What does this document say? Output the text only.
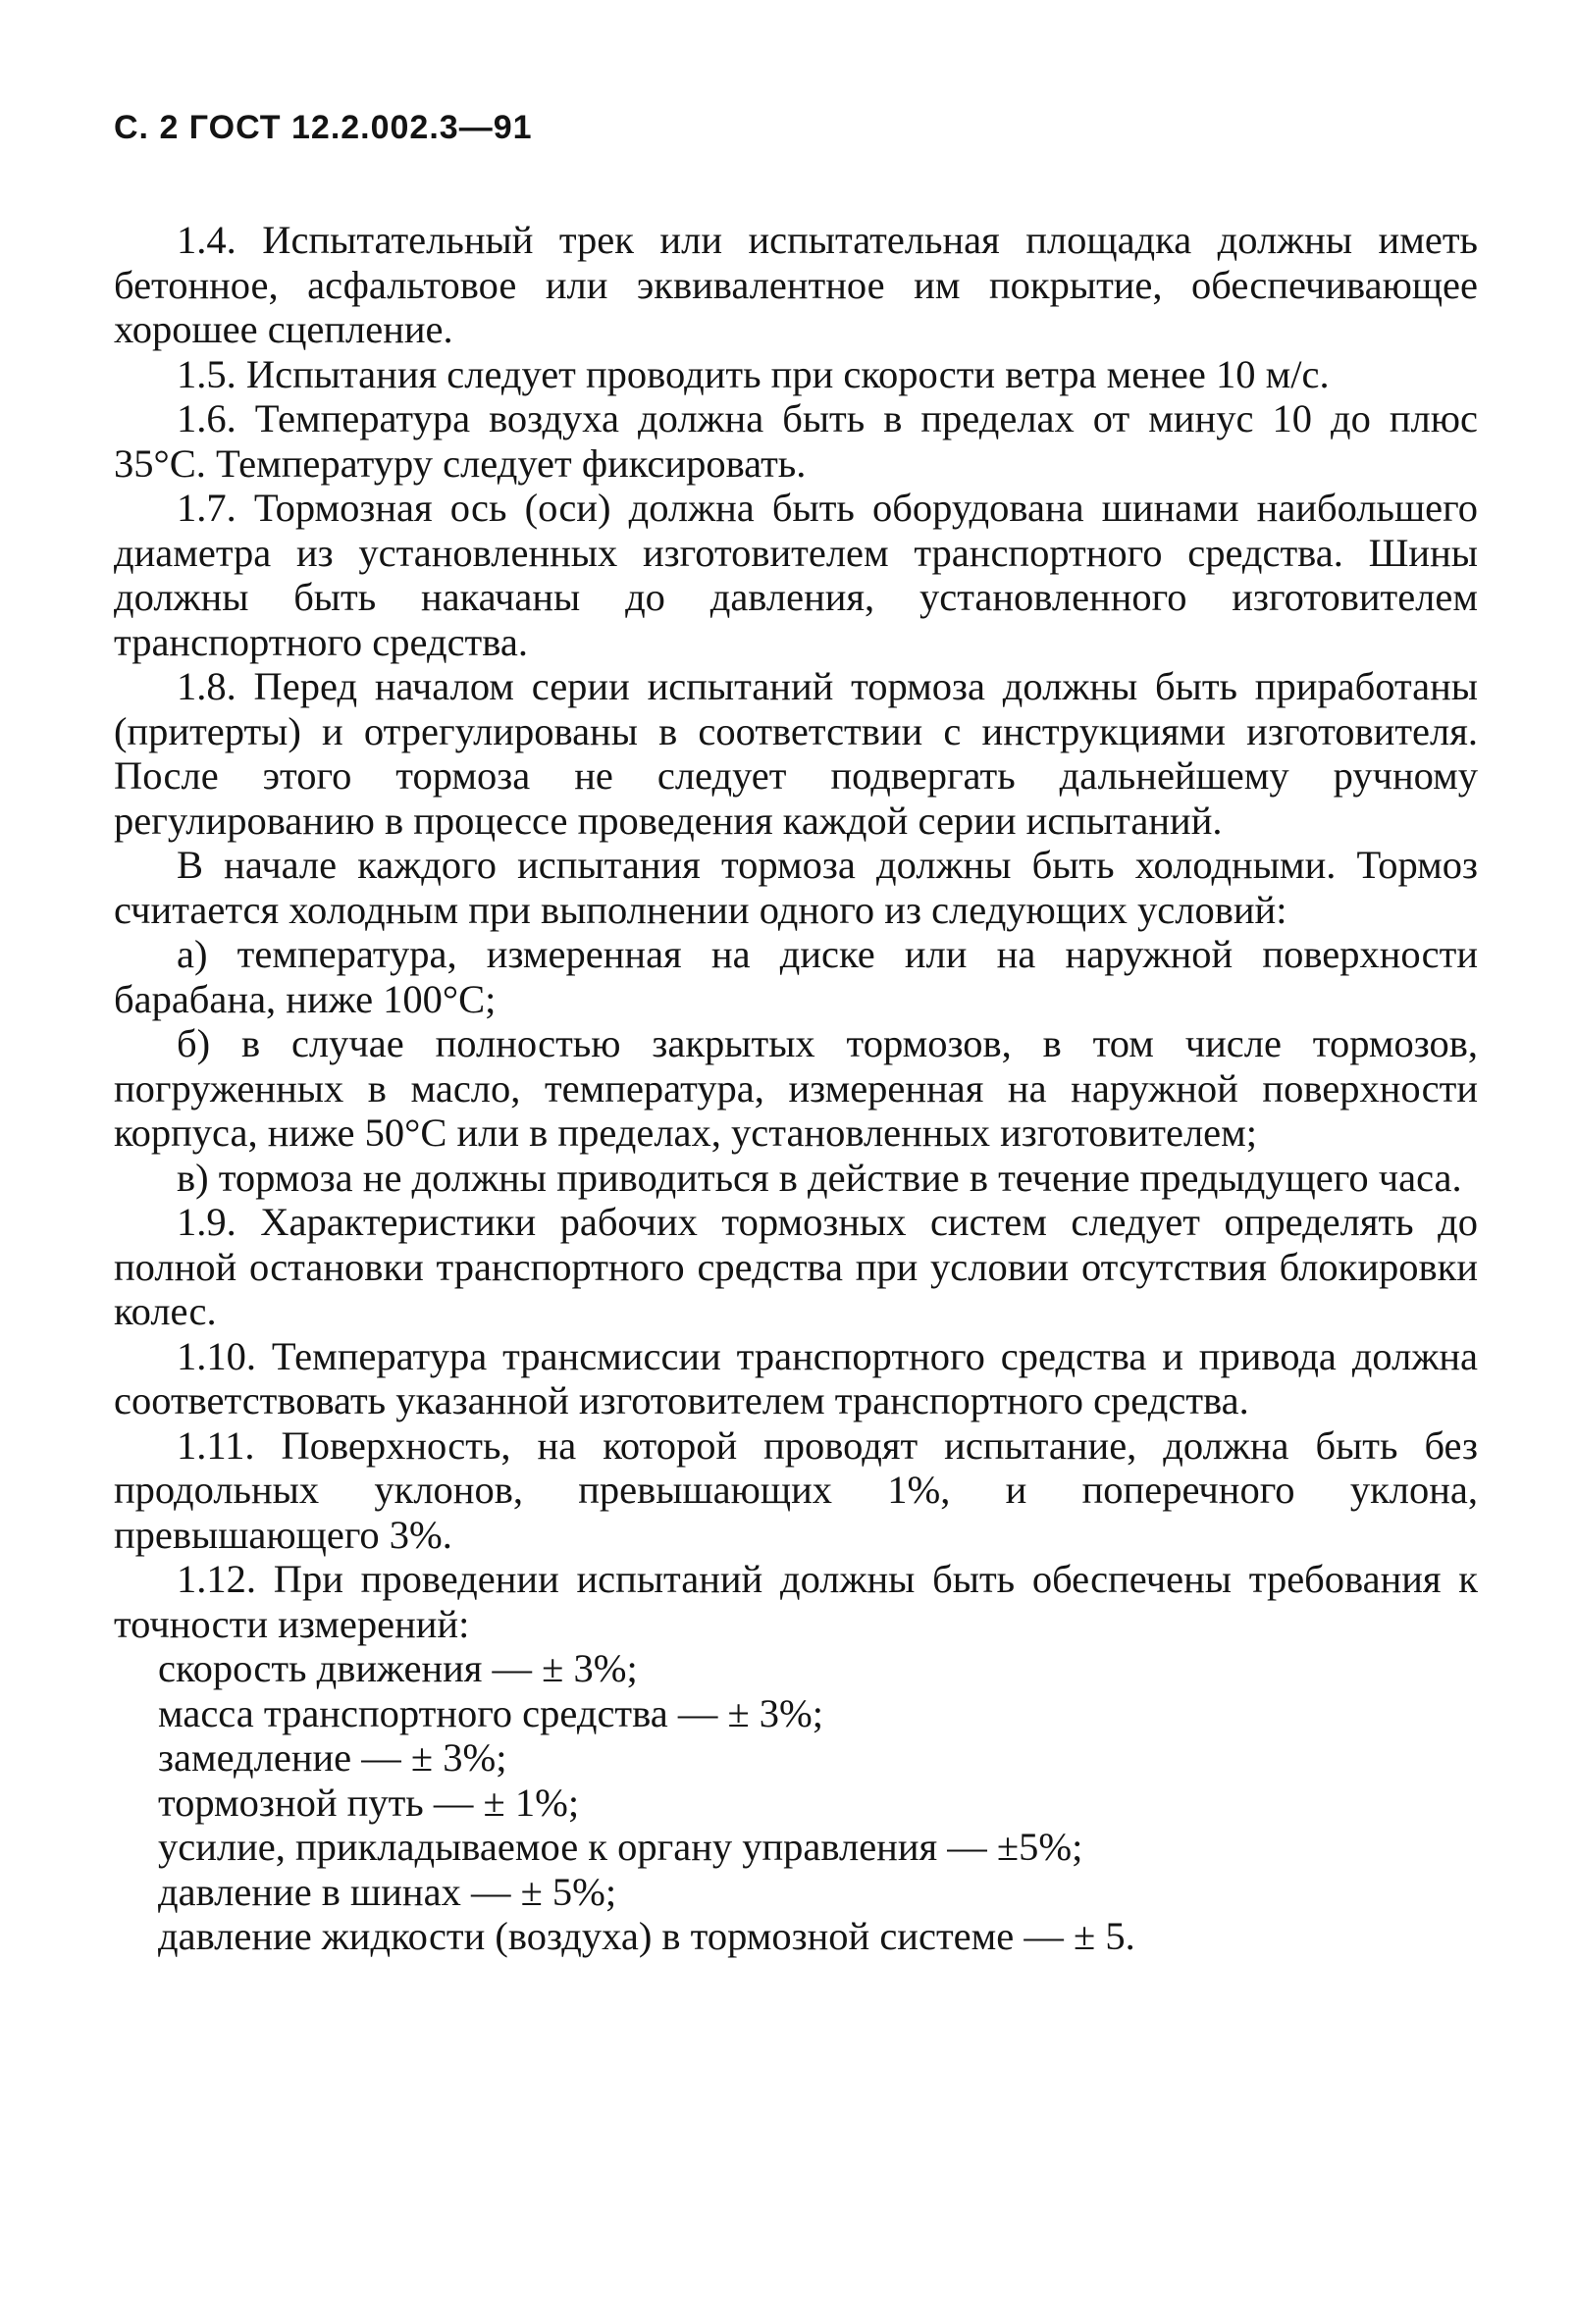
С. 2 ГОСТ 12.2.002.3—91

1.4. Испытательный трек или испытательная площадка должны иметь бетонное, асфальтовое или эквивалентное им покрытие, обеспечивающее хорошее сцепление.

1.5. Испытания следует проводить при скорости ветра менее 10 м/с.

1.6. Температура воздуха должна быть в пределах от минус 10 до плюс 35°С. Температуру следует фиксировать.

1.7. Тормозная ось (оси) должна быть оборудована шинами наибольшего диаметра из установленных изготовителем транспортного средства. Шины должны быть накачаны до давления, установленного изготовителем транспортного средства.

1.8. Перед началом серии испытаний тормоза должны быть приработаны (притерты) и отрегулированы в соответствии с инструкциями изготовителя. После этого тормоза не следует подвергать дальнейшему ручному регулированию в процессе проведения каждой серии испытаний.

В начале каждого испытания тормоза должны быть холодными. Тормоз считается холодным при выполнении одного из следующих условий:

а) температура, измеренная на диске или на наружной поверхности барабана, ниже 100°С;

б) в случае полностью закрытых тормозов, в том числе тормозов, погруженных в масло, температура, измеренная на наружной поверхности корпуса, ниже 50°С или в пределах, установленных изготовителем;

в) тормоза не должны приводиться в действие в течение предыдущего часа.

1.9. Характеристики рабочих тормозных систем следует определять до полной остановки транспортного средства при условии отсутствия блокировки колес.

1.10. Температура трансмиссии транспортного средства и привода должна соответствовать указанной изготовителем транспортного средства.

1.11. Поверхность, на которой проводят испытание, должна быть без продольных уклонов, превышающих 1%, и поперечного уклона, превышающего 3%.

1.12. При проведении испытаний должны быть обеспечены требования к точности измерений:

скорость движения — ± 3%;
масса транспортного средства — ± 3%;
замедление — ± 3%;
тормозной путь — ± 1%;
усилие, прикладываемое к органу управления — ±5%;
давление в шинах — ± 5%;
давление жидкости (воздуха) в тормозной системе — ± 5.
